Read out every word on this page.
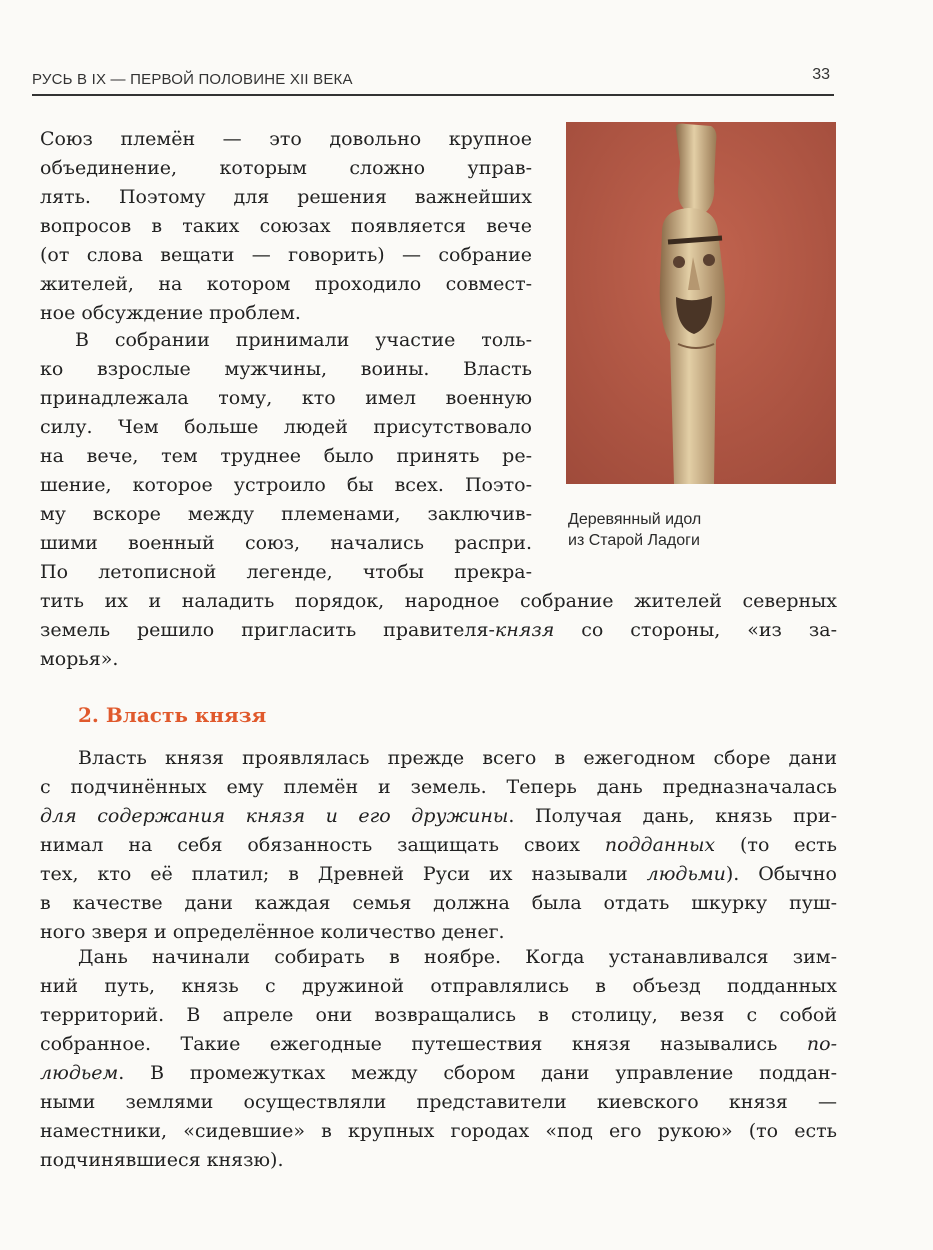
РУСЬ В IX — ПЕРВОЙ ПОЛОВИНЕ XII ВЕКА	33
Деревянный идол
из Старой Ладоги
Союз племён — это довольно крупное
объединение, которым сложно управ-
лять. Поэтому для решения важнейших
вопросов в таких союзах появляется вече
(от слова вещати — говорить) — собрание
жителей, на котором проходило совмест-
ное обсуждение проблем.
В собрании принимали участие толь-
ко взрослые мужчины, воины. Власть
принадлежала тому, кто имел военную
силу. Чем больше людей присутствовало
на вече, тем труднее было принять ре-
шение, которое устроило бы всех. Поэто-
му вскоре между племенами, заключив-
шими военный союз, начались распри.
По летописной легенде, чтобы прекра-
тить их и наладить порядок, народное собрание жителей северных
земель решило пригласить правителя-князя со стороны, «из за-
морья».
2. Власть князя
Власть князя проявлялась прежде всего в ежегодном сборе дани
с подчинённых ему племён и земель. Теперь дань предназначалась
для содержания князя и его дружины. Получая дань, князь при-
нимал на себя обязанность защищать своих подданных (то есть
тех, кто её платил; в Древней Руси их называли людьми). Обычно
в качестве дани каждая семья должна была отдать шкурку пуш-
ного зверя и определённое количество денег.
Дань начинали собирать в ноябре. Когда устанавливался зим-
ний путь, князь с дружиной отправлялись в объезд подданных
территорий. В апреле они возвращались в столицу, везя с собой
собранное. Такие ежегодные путешествия князя назывались по-
людьем. В промежутках между сбором дани управление поддан-
ными землями осуществляли представители киевского князя —
наместники, «сидевшие» в крупных городах «под его рукою» (то есть
подчинявшиеся князю).
